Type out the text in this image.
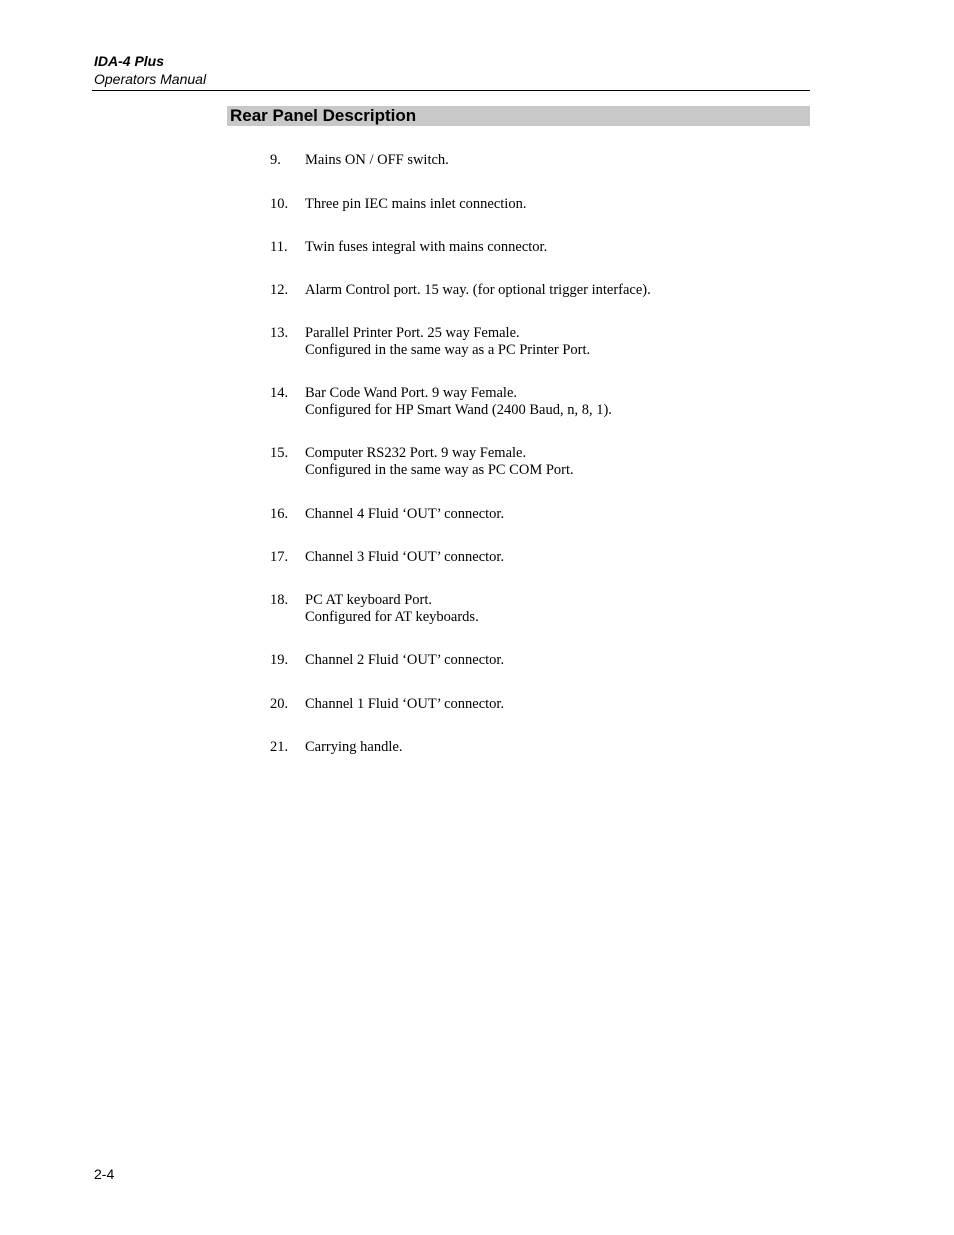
IDA-4 Plus
Operators Manual
Rear Panel Description
9.	Mains ON / OFF switch.
10.	Three pin IEC mains inlet connection.
11.	Twin fuses integral with mains connector.
12.	Alarm Control port. 15 way. (for optional trigger interface).
13.	Parallel Printer Port. 25 way Female.
Configured in the same way as a PC Printer Port.
14.	Bar Code Wand Port. 9 way Female.
Configured for HP Smart Wand (2400 Baud, n, 8, 1).
15.	Computer RS232 Port. 9 way Female.
Configured in the same way as PC COM Port.
16.	Channel 4 Fluid ‘OUT’ connector.
17.	Channel 3 Fluid ‘OUT’ connector.
18.	PC AT keyboard Port.
Configured for AT keyboards.
19.	Channel 2 Fluid ‘OUT’ connector.
20.	Channel 1 Fluid ‘OUT’ connector.
21.	Carrying handle.
2-4
